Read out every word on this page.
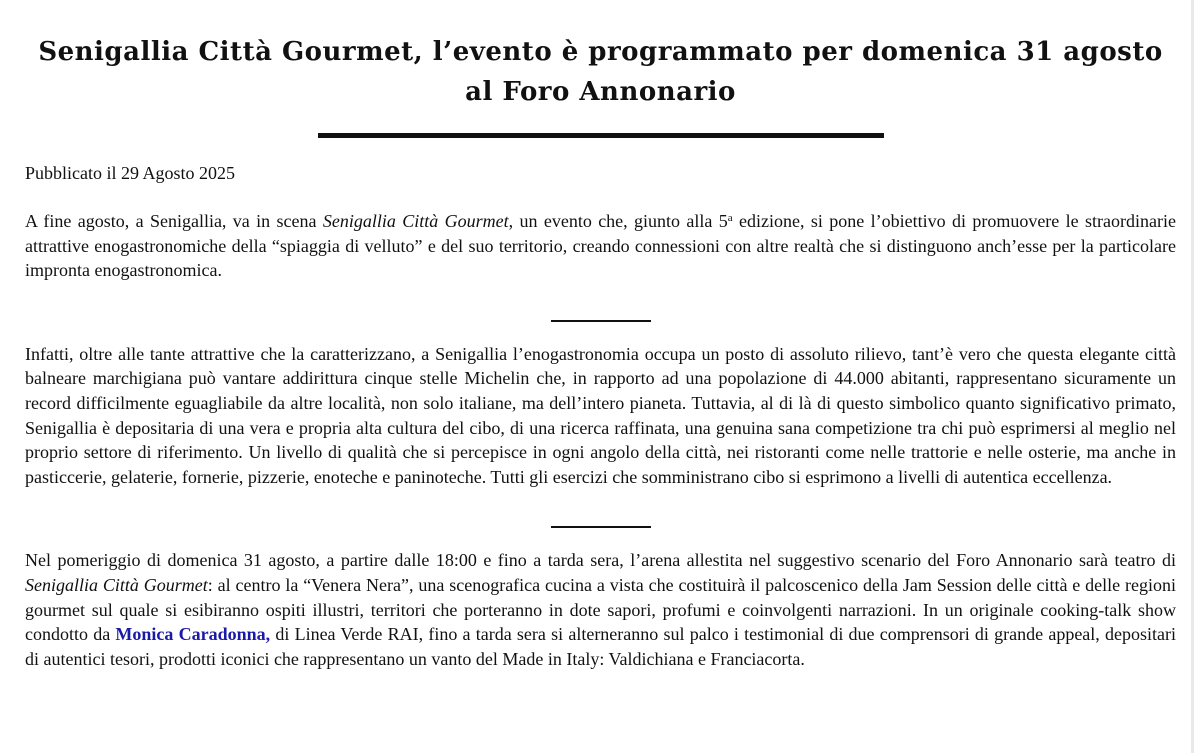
Senigallia Città Gourmet, l’evento è programmato per domenica 31 agosto al Foro Annonario

Pubblicato il 29 Agosto 2025

A fine agosto, a Senigallia, va in scena Senigallia Città Gourmet, un evento che, giunto alla 5$^a$ edizione, si pone l’obiettivo di promuovere le straordinarie attrattive enogastronomiche della “spiaggia di velluto” e del suo territorio, creando connessioni con altre realtà che si distinguono anch’esse per la particolare impronta enogastronomica.

Infatti, oltre alle tante attrattive che la caratterizzano, a Senigallia l’enogastronomia occupa un posto di assoluto rilievo, tant’è vero che questa elegante città balneare marchigiana può vantare addirittura cinque stelle Michelin che, in rapporto ad una popolazione di 44.000 abitanti, rappresentano sicuramente un record difficilmente eguagliabile da altre località, non solo italiane, ma dell’intero pianeta. Tuttavia, al di là di questo simbolico quanto significativo primato, Senigallia è depositaria di una vera e propria alta cultura del cibo, di una ricerca raffinata, una genuina sana competizione tra chi può esprimersi al meglio nel proprio settore di riferimento. Un livello di qualità che si percepisce in ogni angolo della città, nei ristoranti come nelle trattorie e nelle osterie, ma anche in pasticcerie, gelaterie, fornerie, pizzerie, enoteche e paninoteche. Tutti gli esercizi che somministrano cibo si esprimono a livelli di autentica eccellenza.

Nel pomeriggio di domenica 31 agosto, a partire dalle 18:00 e fino a tarda sera, l’arena allestita nel suggestivo scenario del Foro Annonario sarà teatro di Senigallia Città Gourmet: al centro la “Venera Nera”, una scenografica cucina a vista che costituirà il palcoscenico della Jam Session delle città e delle regioni gourmet sul quale si esibiranno ospiti illustri, territori che porteranno in dote sapori, profumi e coinvolgenti narrazioni. In un originale cooking-talk show condotto da Monica Caradonna, di Linea Verde RAI, fino a tarda sera si alterneranno sul palco i testimonial di due comprensori di grande appeal, depositari di autentici tesori, prodotti iconici che rappresentano un vanto del Made in Italy: Valdichiana e Franciacorta.
